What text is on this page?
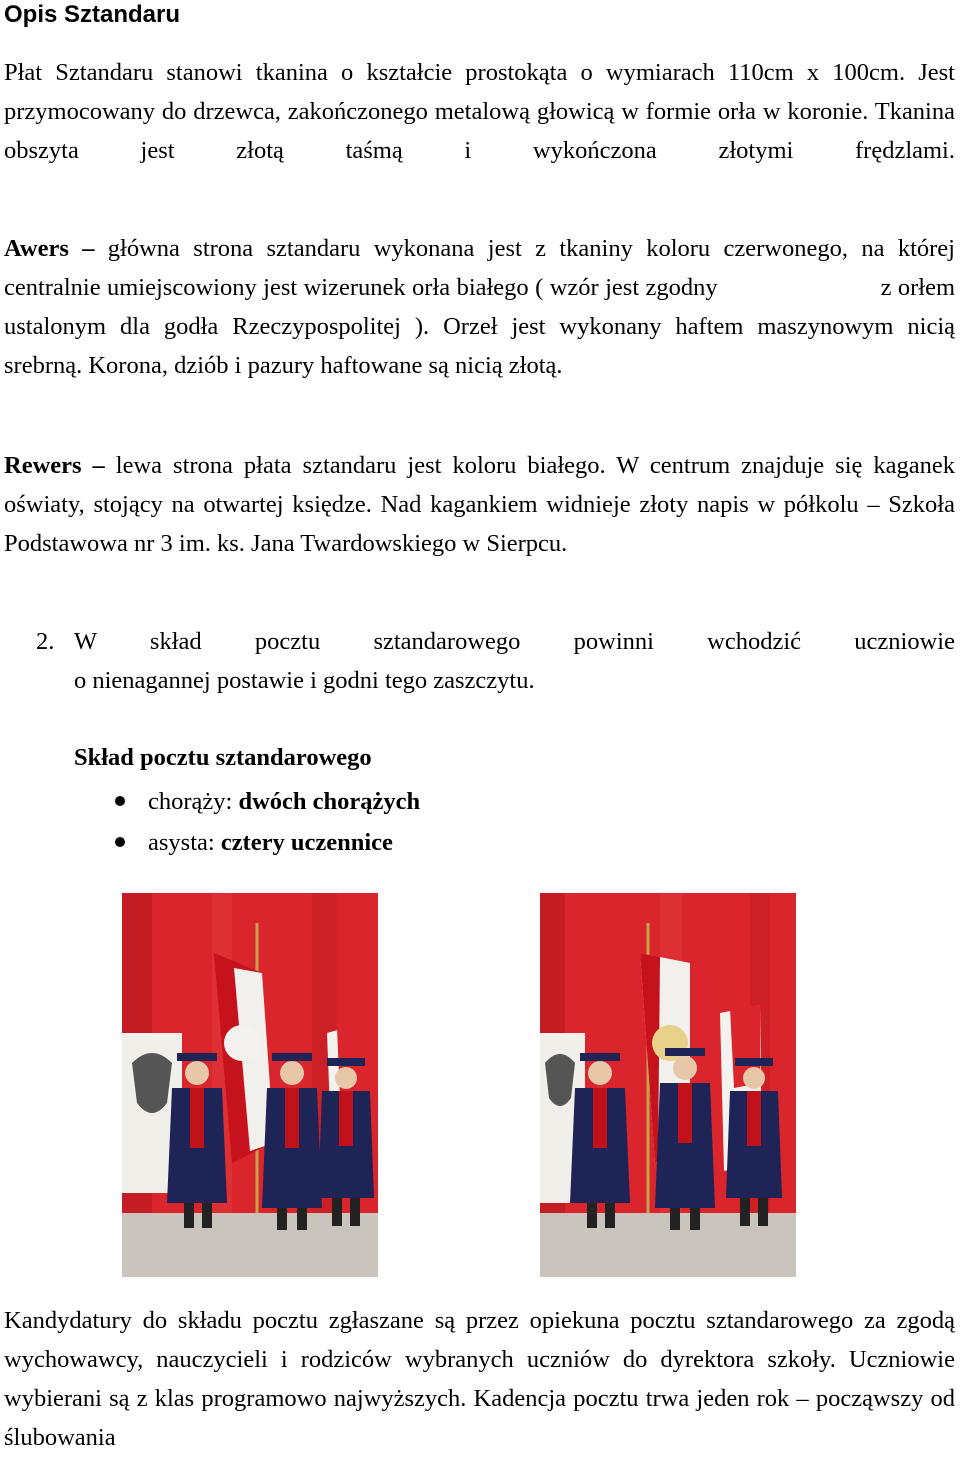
Opis Sztandaru

Płat Sztandaru stanowi tkanina o kształcie prostokąta o wymiarach 110cm x 100cm. Jest przymocowany do drzewca, zakończonego metalową głowicą w formie orła w koronie. Tkanina obszyta jest złotą taśmą i wykończona złotymi frędzlami.

Awers – główna strona sztandaru wykonana jest z tkaniny koloru czerwonego, na której centralnie umiejscowiony jest wizerunek orła białego ( wzór jest zgodny	z orłem ustalonym dla godła Rzeczypospolitej ). Orzeł jest wykonany haftem maszynowym nicią srebrną. Korona, dziób i pazury haftowane są nicią złotą.

Rewers – lewa strona płata sztandaru jest koloru białego. W centrum znajduje się kaganek oświaty, stojący na otwartej księdze. Nad kagankiem widnieje złoty napis w półkolu – Szkoła Podstawowa nr 3 im. ks. Jana Twardowskiego w Sierpcu.

2. W skład pocztu sztandarowego powinni wchodzić uczniowie
o nienagannej postawie i godni tego zaszczytu.
Skład pocztu sztandarowego
chorąży: dwóch chorążych
asysta: cztery uczennice

Kandydatury do składu pocztu zgłaszane są przez opiekuna pocztu sztandarowego za zgodą wychowawcy, nauczycieli i rodziców wybranych uczniów do dyrektora szkoły. Uczniowie wybierani są z klas programowo najwyższych. Kadencja pocztu trwa jeden rok – począwszy od ślubowania
